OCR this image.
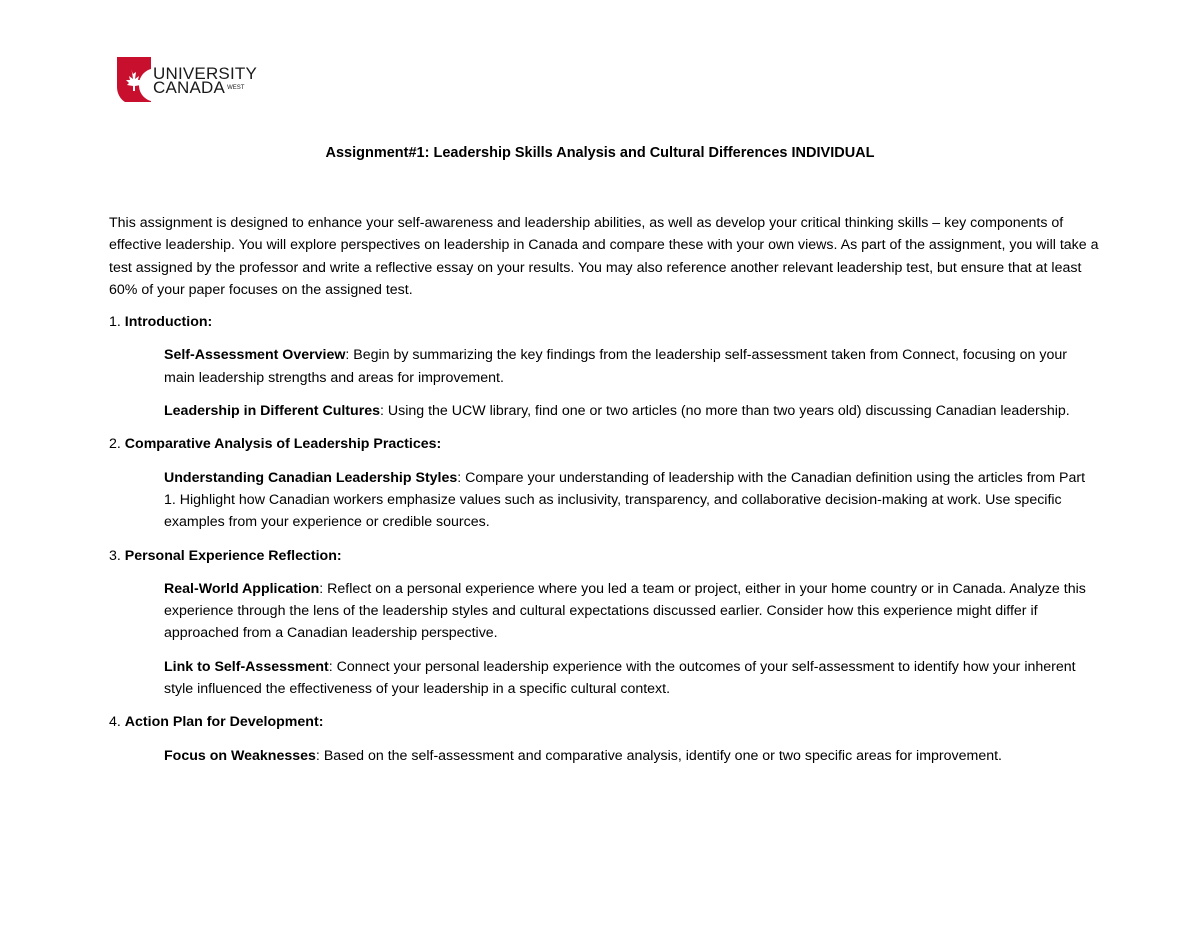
UNIVERSITY
CANADA $^{WEST}$
Assignment#1: Leadership Skills Analysis and Cultural Differences INDIVIDUAL

This assignment is designed to enhance your self-awareness and leadership abilities, as well as develop your critical thinking skills – key components of effective leadership. You will explore perspectives on leadership in Canada and compare these with your own views. As part of the assignment, you will take a test assigned by the professor and write a reflective essay on your results. You may also reference another relevant leadership test, but ensure that at least 60% of your paper focuses on the assigned test.

1. Introduction:

Self-Assessment Overview: Begin by summarizing the key findings from the leadership self-assessment taken from Connect, focusing on your main leadership strengths and areas for improvement.

Leadership in Different Cultures: Using the UCW library, find one or two articles (no more than two years old) discussing Canadian leadership.

2. Comparative Analysis of Leadership Practices:

Understanding Canadian Leadership Styles: Compare your understanding of leadership with the Canadian definition using the articles from Part 1. Highlight how Canadian workers emphasize values such as inclusivity, transparency, and collaborative decision-making at work. Use specific examples from your experience or credible sources.

3. Personal Experience Reflection:

Real-World Application: Reflect on a personal experience where you led a team or project, either in your home country or in Canada. Analyze this experience through the lens of the leadership styles and cultural expectations discussed earlier. Consider how this experience might differ if approached from a Canadian leadership perspective.

Link to Self-Assessment: Connect your personal leadership experience with the outcomes of your self-assessment to identify how your inherent style influenced the effectiveness of your leadership in a specific cultural context.

4. Action Plan for Development:

Focus on Weaknesses: Based on the self-assessment and comparative analysis, identify one or two specific areas for improvement.
